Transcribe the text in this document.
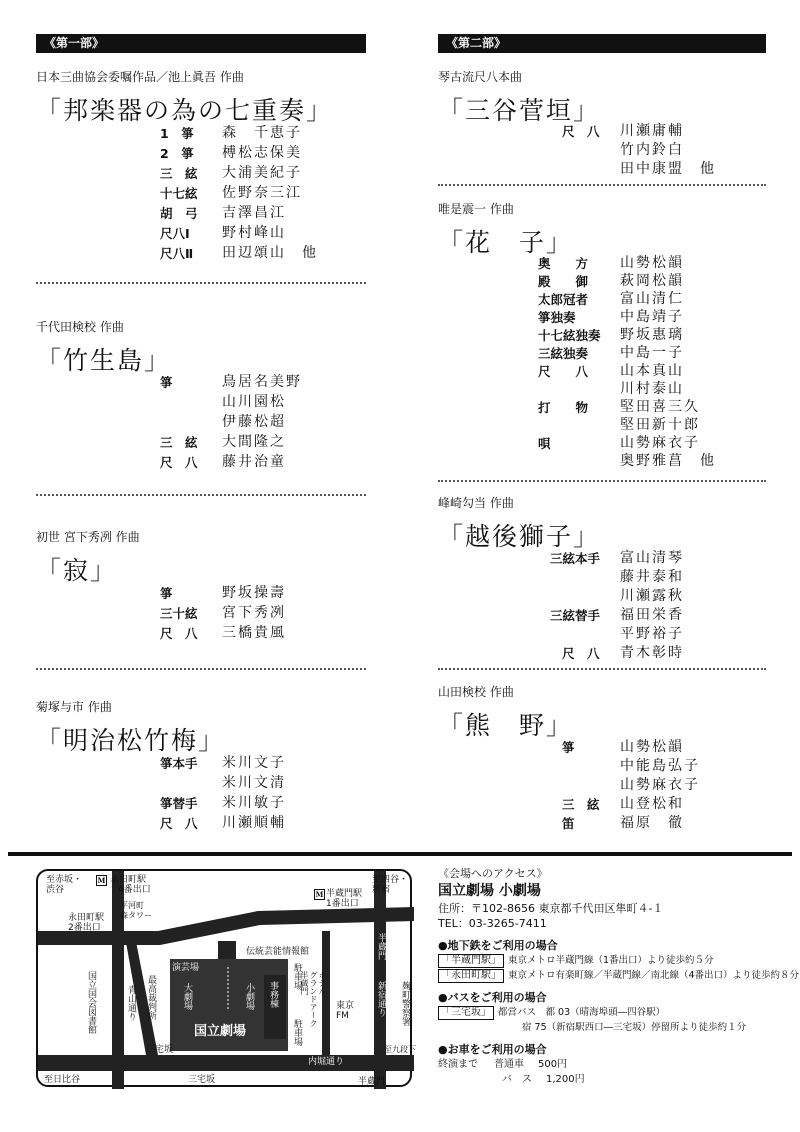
《第一部》
日本三曲協会委嘱作品／池上眞吾 作曲
「邦楽器の為の七重奏」
1　箏 森　千恵子
2　箏 榑松志保美
三　絃 大浦美紀子
十七絃 佐野奈三江
胡　弓 吉澤昌江
尺八Ⅰ 野村峰山
尺八Ⅱ 田辺頌山　他
千代田検校 作曲
「竹生島」
箏	鳥居名美野
山川園松
伊藤松超
三　絃 大間隆之
尺　八 藤井治童
初世 宮下秀冽 作曲
「寂」
箏	野坂操壽
三十絃 宮下秀冽
尺　八 三橋貴風
菊塚与市 作曲
「明治松竹梅」
箏本手 米川文子
米川文清
箏替手 米川敏子
尺　八 川瀬順輔
《第二部》
琴古流尺八本曲
「三谷菅垣」
尺　八 川瀬庸輔
竹内鈴白
田中康盟　他
唯是震一 作曲
「花　子」
奥　　方 山勢松韻
殿　　御 萩岡松韻
太郎冠者 富山清仁
箏独奏	中島靖子
十七絃独奏 野坂惠璃
三絃独奏 中島一子
尺　　八 山本真山
川村泰山
打　　物 堅田喜三久
堅田新十郎
唄	山勢麻衣子
奥野雅菖　他
峰崎勾当 作曲
「越後獅子」
三絃本手 富山清琴
藤井泰和
川瀬露秋
三絃替手 福田栄香
平野裕子
尺　八 青木彰時
山田検校 作曲
「熊　野」
箏	山勢松韻
中能島弘子
山勢麻衣子
三　絃 山登松和
笛	福原　徹
至赤坂・
渋谷
M 永田町駅
4番出口
平河町
森タワー
永田町駅
2番出口
M 半蔵門駅
1番出口
至四谷・
新宿
伝統芸能情報館
演芸場
大劇場	小劇場 事務棟
駐車場
駐車場
ホテル
グランドアーク
半蔵門
東京
FM
国立劇場
最高裁判所
国立国会図書館	青山通り	新宿通り
半蔵門
麹町警察署
三宅坂	至九段下
内堀通り
至日比谷	三宅坂	半蔵門
《会場へのアクセス》
国立劇場 小劇場
住所：〒102-8656 東京都千代田区隼町４-１
TEL：03-3265-7411
●地下鉄をご利用の場合
「半蔵門駅」 東京メトロ半蔵門線（1番出口）より徒歩約５分
「永田町駅」 東京メトロ有楽町線／半蔵門線／南北線（4番出口）より徒歩約８分
●バスをご利用の場合
「三宅坂」 都営バス　都 03（晴海埠頭―四谷駅）
宿 75（新宿駅西口―三宅坂）停留所より徒歩約１分
●お車をご利用の場合
終演まで 普通車 500円
バ　ス 1,200円
